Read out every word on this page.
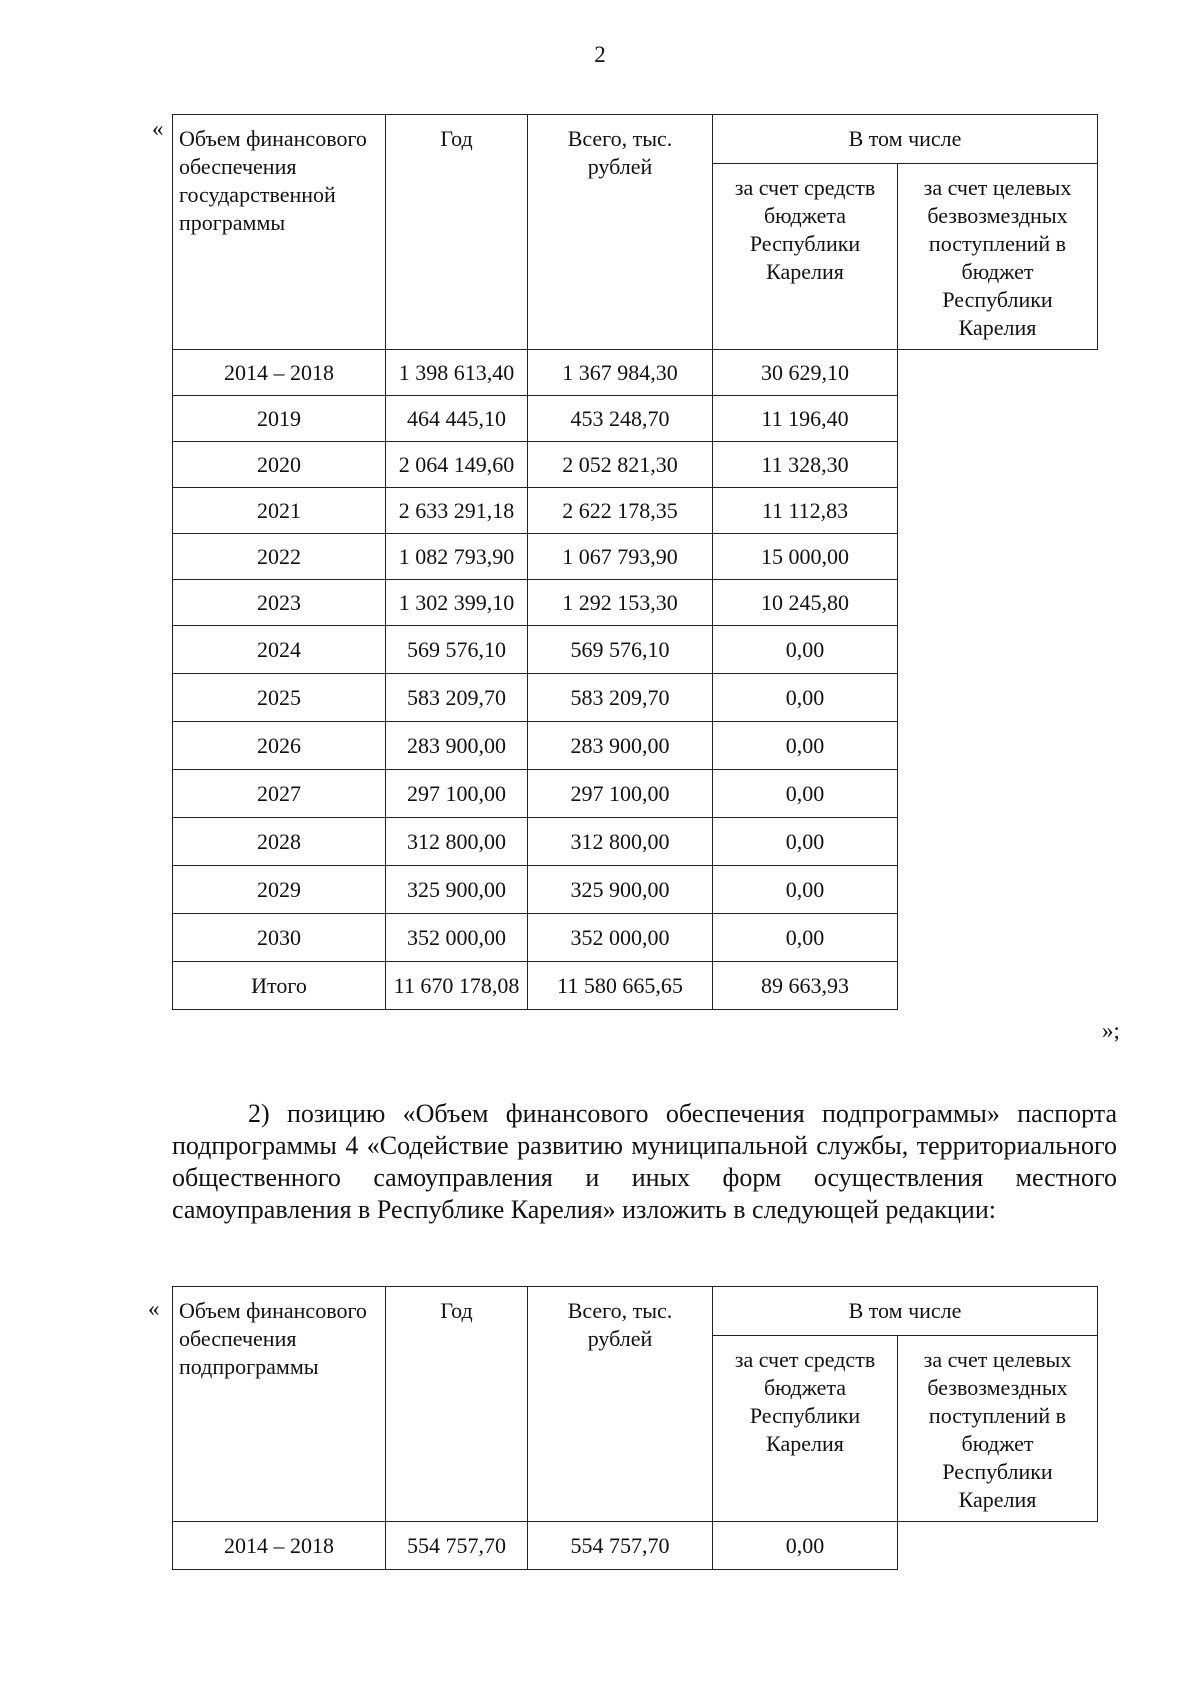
2
« Объем финансового обеспечения государственной программы	Год	Всего, тыс. рублей	В том числе	
			за счет средств бюджета Республики Карелия	за счет целевых безвозмездных поступлений в бюджет Республики Карелия
2014 – 2018	1 398 613,40	1 367 984,30	30 629,10	
2019	464 445,10	453 248,70	11 196,40	
2020	2 064 149,60	2 052 821,30	11 328,30	
2021	2 633 291,18	2 622 178,35	11 112,83	
2022	1 082 793,90	1 067 793,90	15 000,00	
2023	1 302 399,10	1 292 153,30	10 245,80	
2024	569 576,10	569 576,10	0,00	
2025	583 209,70	583 209,70	0,00	
2026	283 900,00	283 900,00	0,00	
2027	297 100,00	297 100,00	0,00	
2028	312 800,00	312 800,00	0,00	
2029	325 900,00	325 900,00	0,00	
2030	352 000,00	352 000,00	0,00	
Итого	11 670 178,08	11 580 665,65	89 663,93	
»;
2) позицию «Объем финансового обеспечения подпрограммы» паспорта подпрограммы 4 «Содействие развитию муниципальной службы, территориального общественного самоуправления и иных форм осуществления местного самоуправления в Республике Карелия» изложить в следующей редакции:
« Объем финансового обеспечения подпрограммы	Год	Всего, тыс. рублей	В том числе	
			за счет средств бюджета Республики Карелия	за счет целевых безвозмездных поступлений в бюджет Республики Карелия
2014 – 2018	554 757,70	554 757,70	0,00	
